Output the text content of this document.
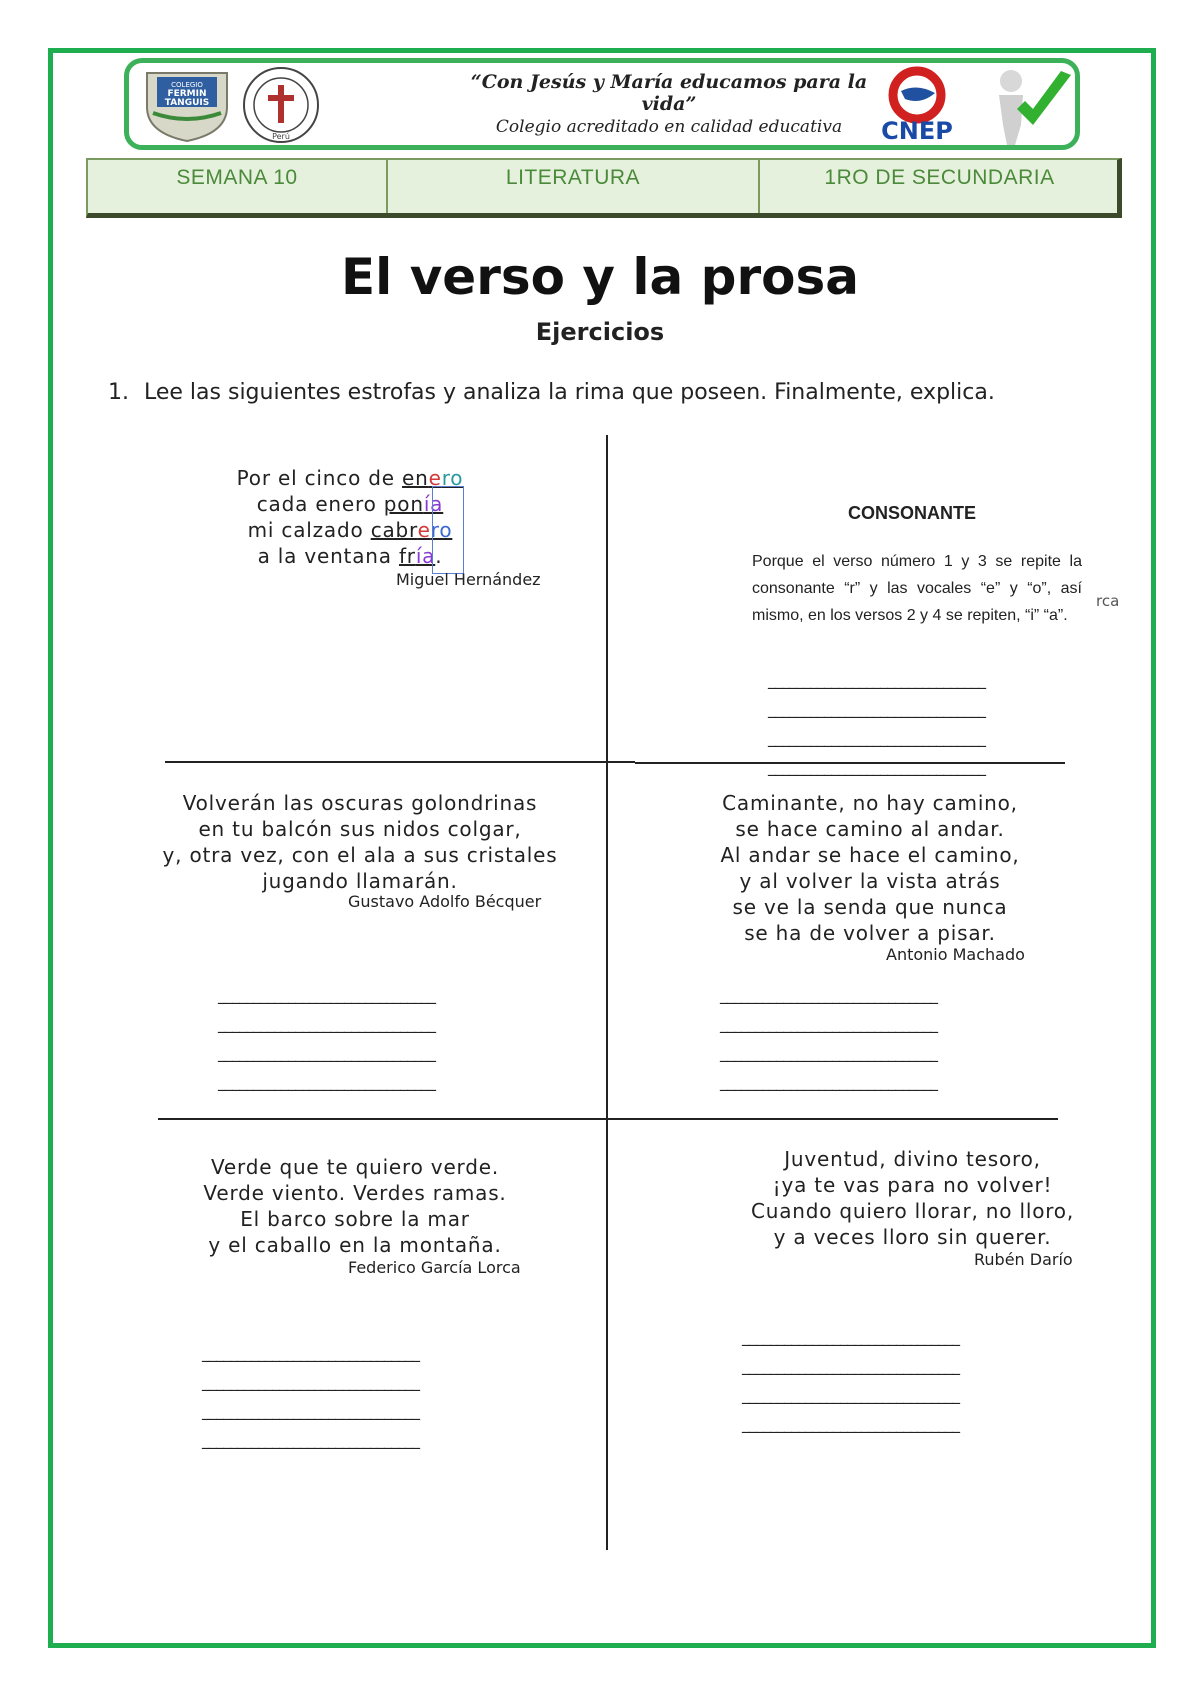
COLEGIO
FERMIN
TANGUIS
Perú
“Con Jesús y María educamos para la vida”
Colegio acreditado en calidad educativa	CNEP
SEMANA 10	LITERATURA	1RO DE SECUNDARIA
El verso y la prosa
Ejercicios
1. Lee las siguientes estrofas y analiza la rima que poseen. Finalmente, explica.
Por el cinco de enero
cada enero ponía
mi calzado cabrero
a la ventana fría.
Miguel Hernández
CONSONANTE
Porque el verso número 1 y 3 se repite la consonante “r” y las vocales “e” y “o”, así mismo, en los versos 2 y 4 se repiten, “i” “a”.
rca
_______________________________
_______________________________
_______________________________
_______________________________
Volverán las oscuras golondrinas
en tu balcón sus nidos colgar,
y, otra vez, con el ala a sus cristales
jugando llamarán.
Gustavo Adolfo Bécquer
_______________________________
_______________________________
_______________________________
_______________________________
Caminante, no hay camino,
se hace camino al andar.
Al andar se hace el camino,
y al volver la vista atrás
se ve la senda que nunca
se ha de volver a pisar.
Antonio Machado
_______________________________
_______________________________
_______________________________
_______________________________
Verde que te quiero verde.
Verde viento. Verdes ramas.
El barco sobre la mar
y el caballo en la montaña.
Federico García Lorca
_______________________________
_______________________________
_______________________________
_______________________________
Juventud, divino tesoro,
¡ya te vas para no volver!
Cuando quiero llorar, no lloro,
y a veces lloro sin querer.
Rubén Darío
_______________________________
_______________________________
_______________________________
_______________________________
